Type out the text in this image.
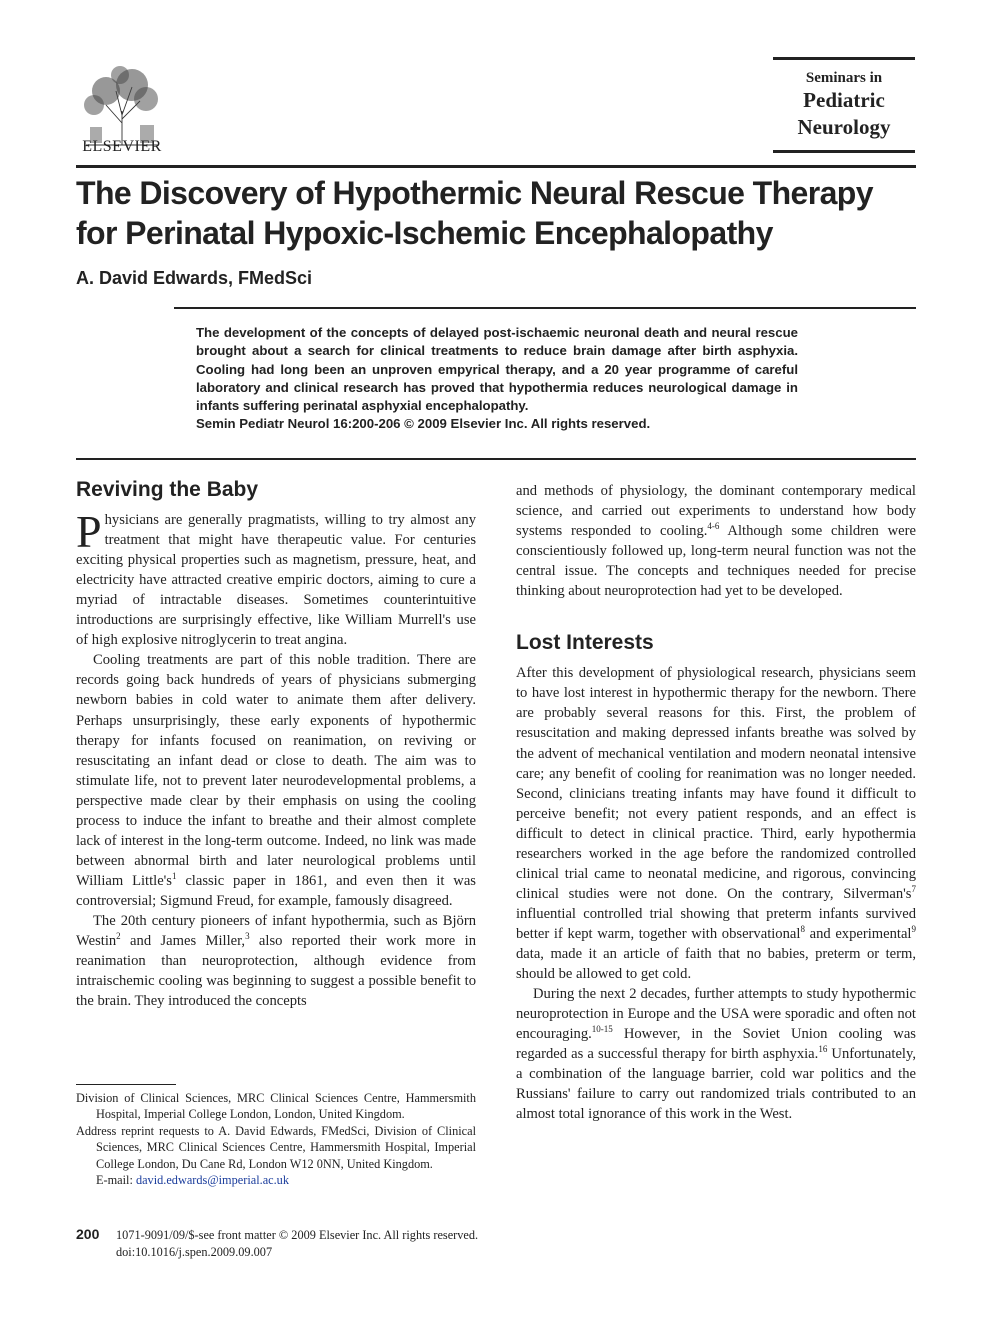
ELSEVIER
Seminars in
Pediatric
Neurology
The Discovery of Hypothermic Neural Rescue Therapy for Perinatal Hypoxic-Ischemic Encephalopathy

A. David Edwards, FMedSci

The development of the concepts of delayed post-ischaemic neuronal death and neural rescue brought about a search for clinical treatments to reduce brain damage after birth asphyxia. Cooling had long been an unproven empyrical therapy, and a 20 year programme of careful laboratory and clinical research has proved that hypothermia reduces neurological damage in infants suffering perinatal asphyxial encephalopathy.

Semin Pediatr Neurol 16:200-206 © 2009 Elsevier Inc. All rights reserved.

Reviving the Baby

Physicians are generally pragmatists, willing to try almost any treatment that might have therapeutic value. For centuries exciting physical properties such as magnetism, pressure, heat, and electricity have attracted creative empiric doctors, aiming to cure a myriad of intractable diseases. Sometimes counterintuitive introductions are surprisingly effective, like William Murrell's use of high explosive nitroglycerin to treat angina.

Cooling treatments are part of this noble tradition. There are records going back hundreds of years of physicians submerging newborn babies in cold water to animate them after delivery. Perhaps unsurprisingly, these early exponents of hypothermic therapy for infants focused on reanimation, on reviving or resuscitating an infant dead or close to death. The aim was to stimulate life, not to prevent later neurodevelopmental problems, a perspective made clear by their emphasis on using the cooling process to induce the infant to breathe and their almost complete lack of interest in the long-term outcome. Indeed, no link was made between abnormal birth and later neurological problems until William $Little's^1$ classic paper in 1861, and even then it was controversial; Sigmund Freud, for example, famously disagreed.

The 20th century pioneers of infant hypothermia, such as Björn Westin$^2$ and James Miller,$^3$ also reported their work more in reanimation than neuroprotection, although evidence from intraischemic cooling was beginning to suggest a possible benefit to the brain. They introduced the concepts

and methods of physiology, the dominant contemporary medical science, and carried out experiments to understand how body systems responded to cooling.$^{4-6}$ Although some children were conscientiously followed up, long-term neural function was not the central issue. The concepts and techniques needed for precise thinking about neuroprotection had yet to be developed.

Lost Interests

After this development of physiological research, physicians seem to have lost interest in hypothermic therapy for the newborn. There are probably several reasons for this. First, the problem of resuscitation and making depressed infants breathe was solved by the advent of mechanical ventilation and modern neonatal intensive care; any benefit of cooling for reanimation was no longer needed. Second, clinicians treating infants may have found it difficult to perceive benefit; not every patient responds, and an effect is difficult to detect in clinical practice. Third, early hypothermia researchers worked in the age before the randomized controlled clinical trial came to neonatal medicine, and rigorous, convincing clinical studies were not done. On the contrary, $Silverman's^7$ influential controlled trial showing that preterm infants survived better if kept warm, together with observational$^8$ and experimental$^9$ data, made it an article of faith that no babies, preterm or term, should be allowed to get cold.

During the next 2 decades, further attempts to study hypothermic neuroprotection in Europe and the USA were sporadic and often not encouraging.$^{10-15}$ However, in the Soviet Union cooling was regarded as a successful therapy for birth asphyxia.$^{16}$ Unfortunately, a combination of the language barrier, cold war politics and the Russians' failure to carry out randomized trials contributed to an almost total ignorance of this work in the West.

Division of Clinical Sciences, MRC Clinical Sciences Centre, Hammersmith Hospital, Imperial College London, London, United Kingdom.

Address reprint requests to A. David Edwards, FMedSci, Division of Clinical Sciences, MRC Clinical Sciences Centre, Hammersmith Hospital, Imperial College London, Du Cane Rd, London W12 0NN, United Kingdom.
E-mail: david.edwards@imperial.ac.uk

200 1071-9091/09/$-see front matter © 2009 Elsevier Inc. All rights reserved.
doi:10.1016/j.spen.2009.09.007
